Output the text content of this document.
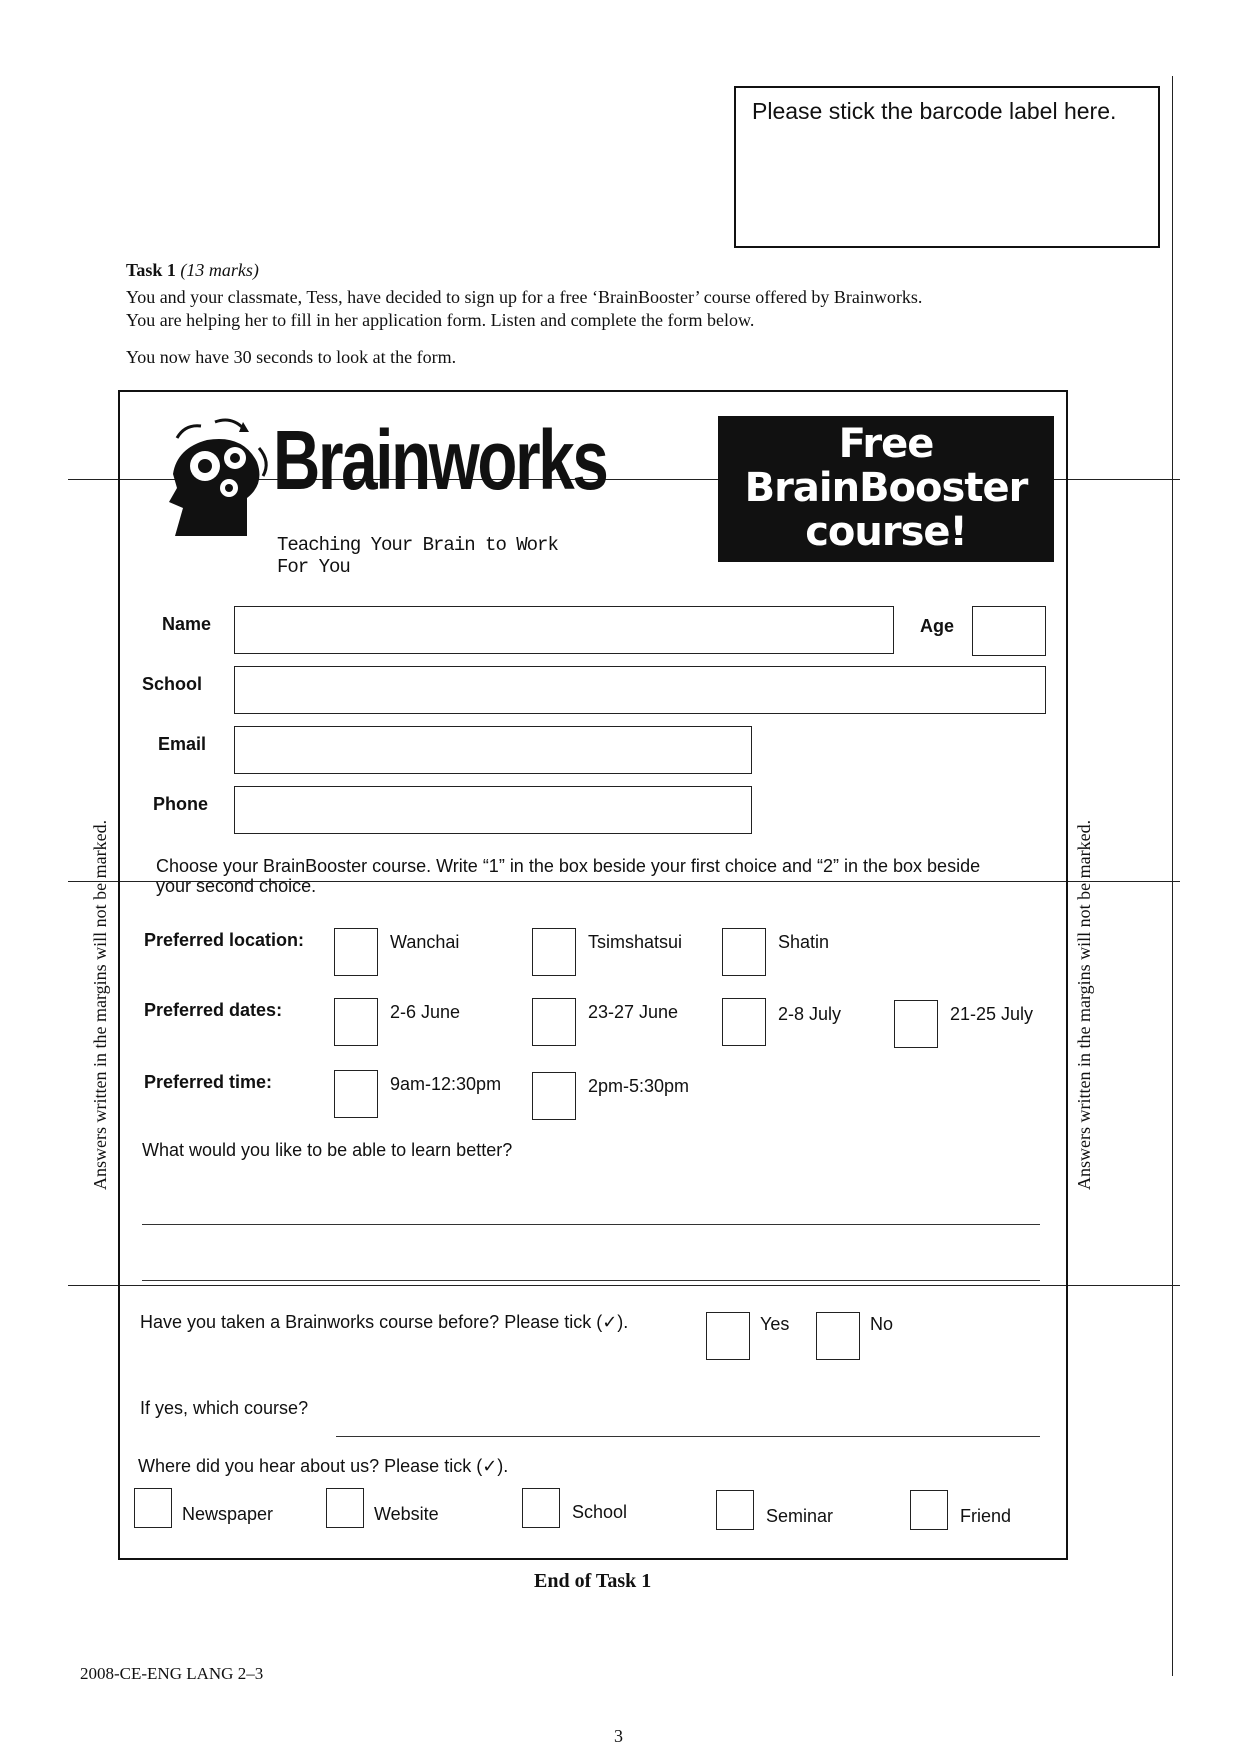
Please stick the barcode label here.
Task 1 (13 marks)
You and your classmate, Tess, have decided to sign up for a free ‘BrainBooster’ course offered by Brainworks.
You are helping her to fill in her application form. Listen and complete the form below.
You now have 30 seconds to look at the form.
Brainworks
Teaching Your Brain to Work For You
Free
BrainBooster
course!
Name	Age
School
Email
Phone
Choose your BrainBooster course. Write “1” in the box beside your first choice and “2” in the box beside
your second choice.
Preferred location:	Wanchai	Tsimshatsui	Shatin
Preferred dates:	2-6 June	23-27 June	2-8 July	21-25 July
Preferred time:	9am-12:30pm	2pm-5:30pm
What would you like to be able to learn better?
Have you taken a Brainworks course before? Please tick (✓).	Yes	No
If yes, which course?
Where did you hear about us? Please tick (✓).
Newspaper	Website	School	Seminar	Friend
End of Task 1
Answers written in the margins will not be marked.	Answers written in the margins will not be marked.
2008-CE-ENG LANG 2–3
3
